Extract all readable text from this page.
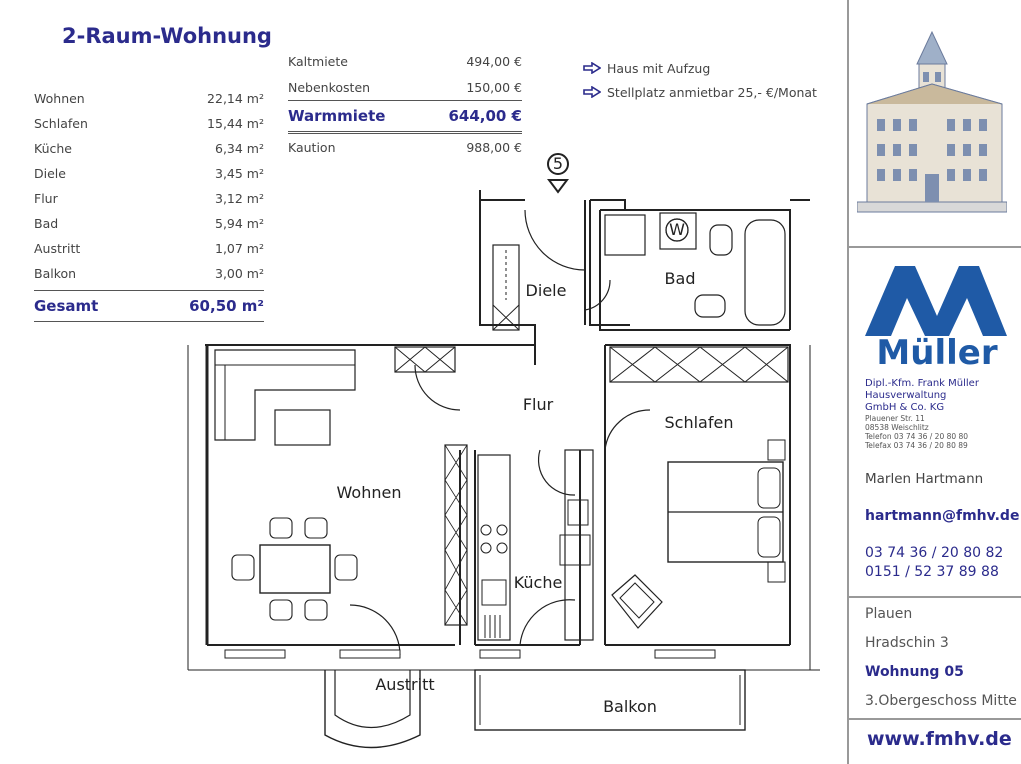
2-Raum-Wohnung
Wohnen	22,14 m²
Schlafen	15,44 m²
Küche	6,34 m²
Diele	3,45 m²
Flur	3,12 m²
Bad	5,94 m²
Austritt	1,07 m²
Balkon	3,00 m²
Gesamt	60,50 m²
Kaltmiete	494,00 €
Nebenkosten	150,00 €
Warmmiete	644,00 €
Kaution	988,00 €
Haus mit Aufzug
Stellplatz anmietbar 25,- €/Monat
W
5
Diele
Bad
Flur
Schlafen
Wohnen
Küche
Austritt
Balkon
Müller
Dipl.-Kfm. Frank Müller
Hausverwaltung
GmbH & Co. KG
Plauener Str. 11
08538 Weischlitz
Telefon 03 74 36 / 20 80 80
Telefax 03 74 36 / 20 80 89
Marlen Hartmann
hartmann@fmhv.de
03 74 36 / 20 80 82
0151 / 52 37 89 88
Plauen
Hradschin 3
Wohnung 05
3.Obergeschoss Mitte
www.fmhv.de
